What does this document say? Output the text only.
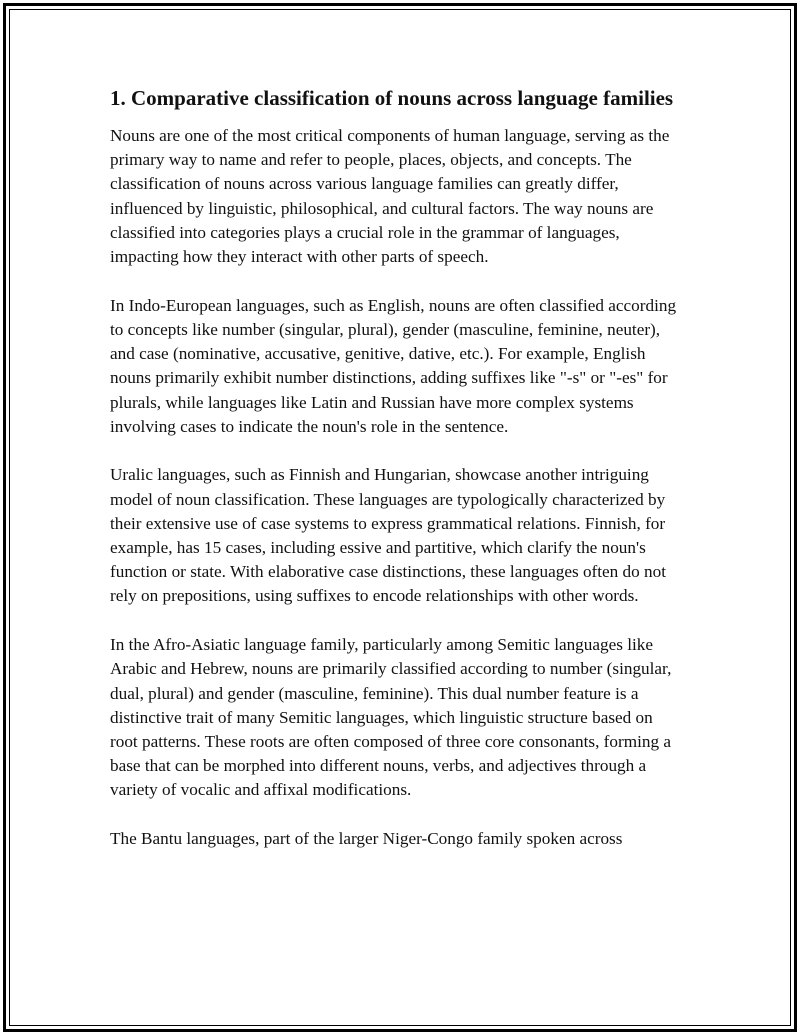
1. Comparative classification of nouns across language families

Nouns are one of the most critical components of human language, serving as the primary way to name and refer to people, places, objects, and concepts. The classification of nouns across various language families can greatly differ, influenced by linguistic, philosophical, and cultural factors. The way nouns are classified into categories plays a crucial role in the grammar of languages, impacting how they interact with other parts of speech.

In Indo-European languages, such as English, nouns are often classified according to concepts like number (singular, plural), gender (masculine, feminine, neuter), and case (nominative, accusative, genitive, dative, etc.). For example, English nouns primarily exhibit number distinctions, adding suffixes like "-s" or "-es" for plurals, while languages like Latin and Russian have more complex systems involving cases to indicate the noun's role in the sentence.

Uralic languages, such as Finnish and Hungarian, showcase another intriguing model of noun classification. These languages are typologically characterized by their extensive use of case systems to express grammatical relations. Finnish, for example, has 15 cases, including essive and partitive, which clarify the noun's function or state. With elaborative case distinctions, these languages often do not rely on prepositions, using suffixes to encode relationships with other words.

In the Afro-Asiatic language family, particularly among Semitic languages like Arabic and Hebrew, nouns are primarily classified according to number (singular, dual, plural) and gender (masculine, feminine). This dual number feature is a distinctive trait of many Semitic languages, which linguistic structure based on root patterns. These roots are often composed of three core consonants, forming a base that can be morphed into different nouns, verbs, and adjectives through a variety of vocalic and affixal modifications.

The Bantu languages, part of the larger Niger-Congo family spoken across
